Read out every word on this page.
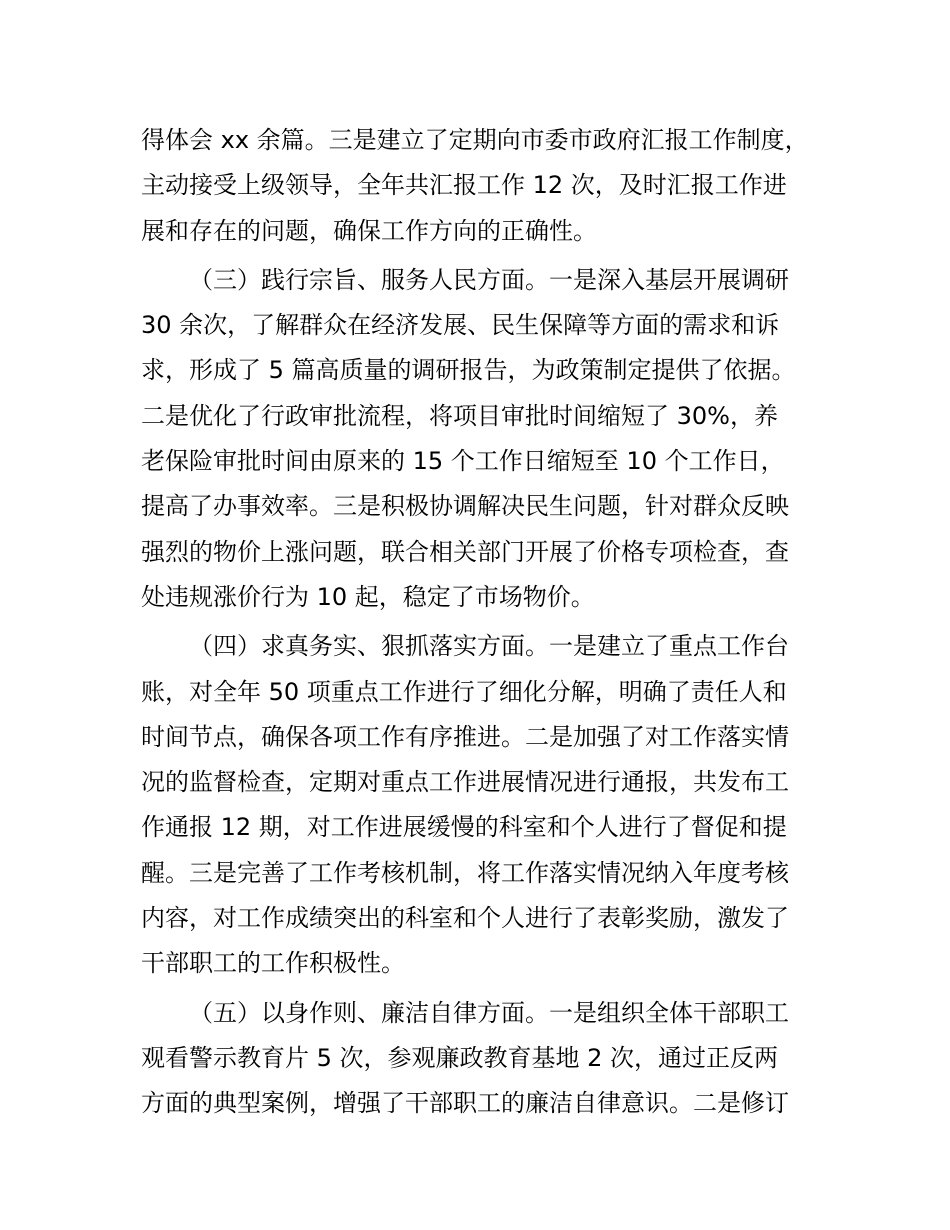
得体会 xx 余篇。三是建立了定期向市委市政府汇报工作制度，
主动接受上级领导，全年共汇报工作 12 次，及时汇报工作进
展和存在的问题，确保工作方向的正确性。
（三）践行宗旨、服务人民方面。一是深入基层开展调研
30 余次，了解群众在经济发展、民生保障等方面的需求和诉
求，形成了 5 篇高质量的调研报告，为政策制定提供了依据。
二是优化了行政审批流程，将项目审批时间缩短了 30%，养
老保险审批时间由原来的 15 个工作日缩短至 10 个工作日，
提高了办事效率。三是积极协调解决民生问题，针对群众反映
强烈的物价上涨问题，联合相关部门开展了价格专项检查，查
处违规涨价行为 10 起，稳定了市场物价。
（四）求真务实、狠抓落实方面。一是建立了重点工作台
账，对全年 50 项重点工作进行了细化分解，明确了责任人和
时间节点，确保各项工作有序推进。二是加强了对工作落实情
况的监督检查，定期对重点工作进展情况进行通报，共发布工
作通报 12 期，对工作进展缓慢的科室和个人进行了督促和提
醒。三是完善了工作考核机制，将工作落实情况纳入年度考核
内容，对工作成绩突出的科室和个人进行了表彰奖励，激发了
干部职工的工作积极性。
（五）以身作则、廉洁自律方面。一是组织全体干部职工
观看警示教育片 5 次，参观廉政教育基地 2 次，通过正反两
方面的典型案例，增强了干部职工的廉洁自律意识。二是修订
